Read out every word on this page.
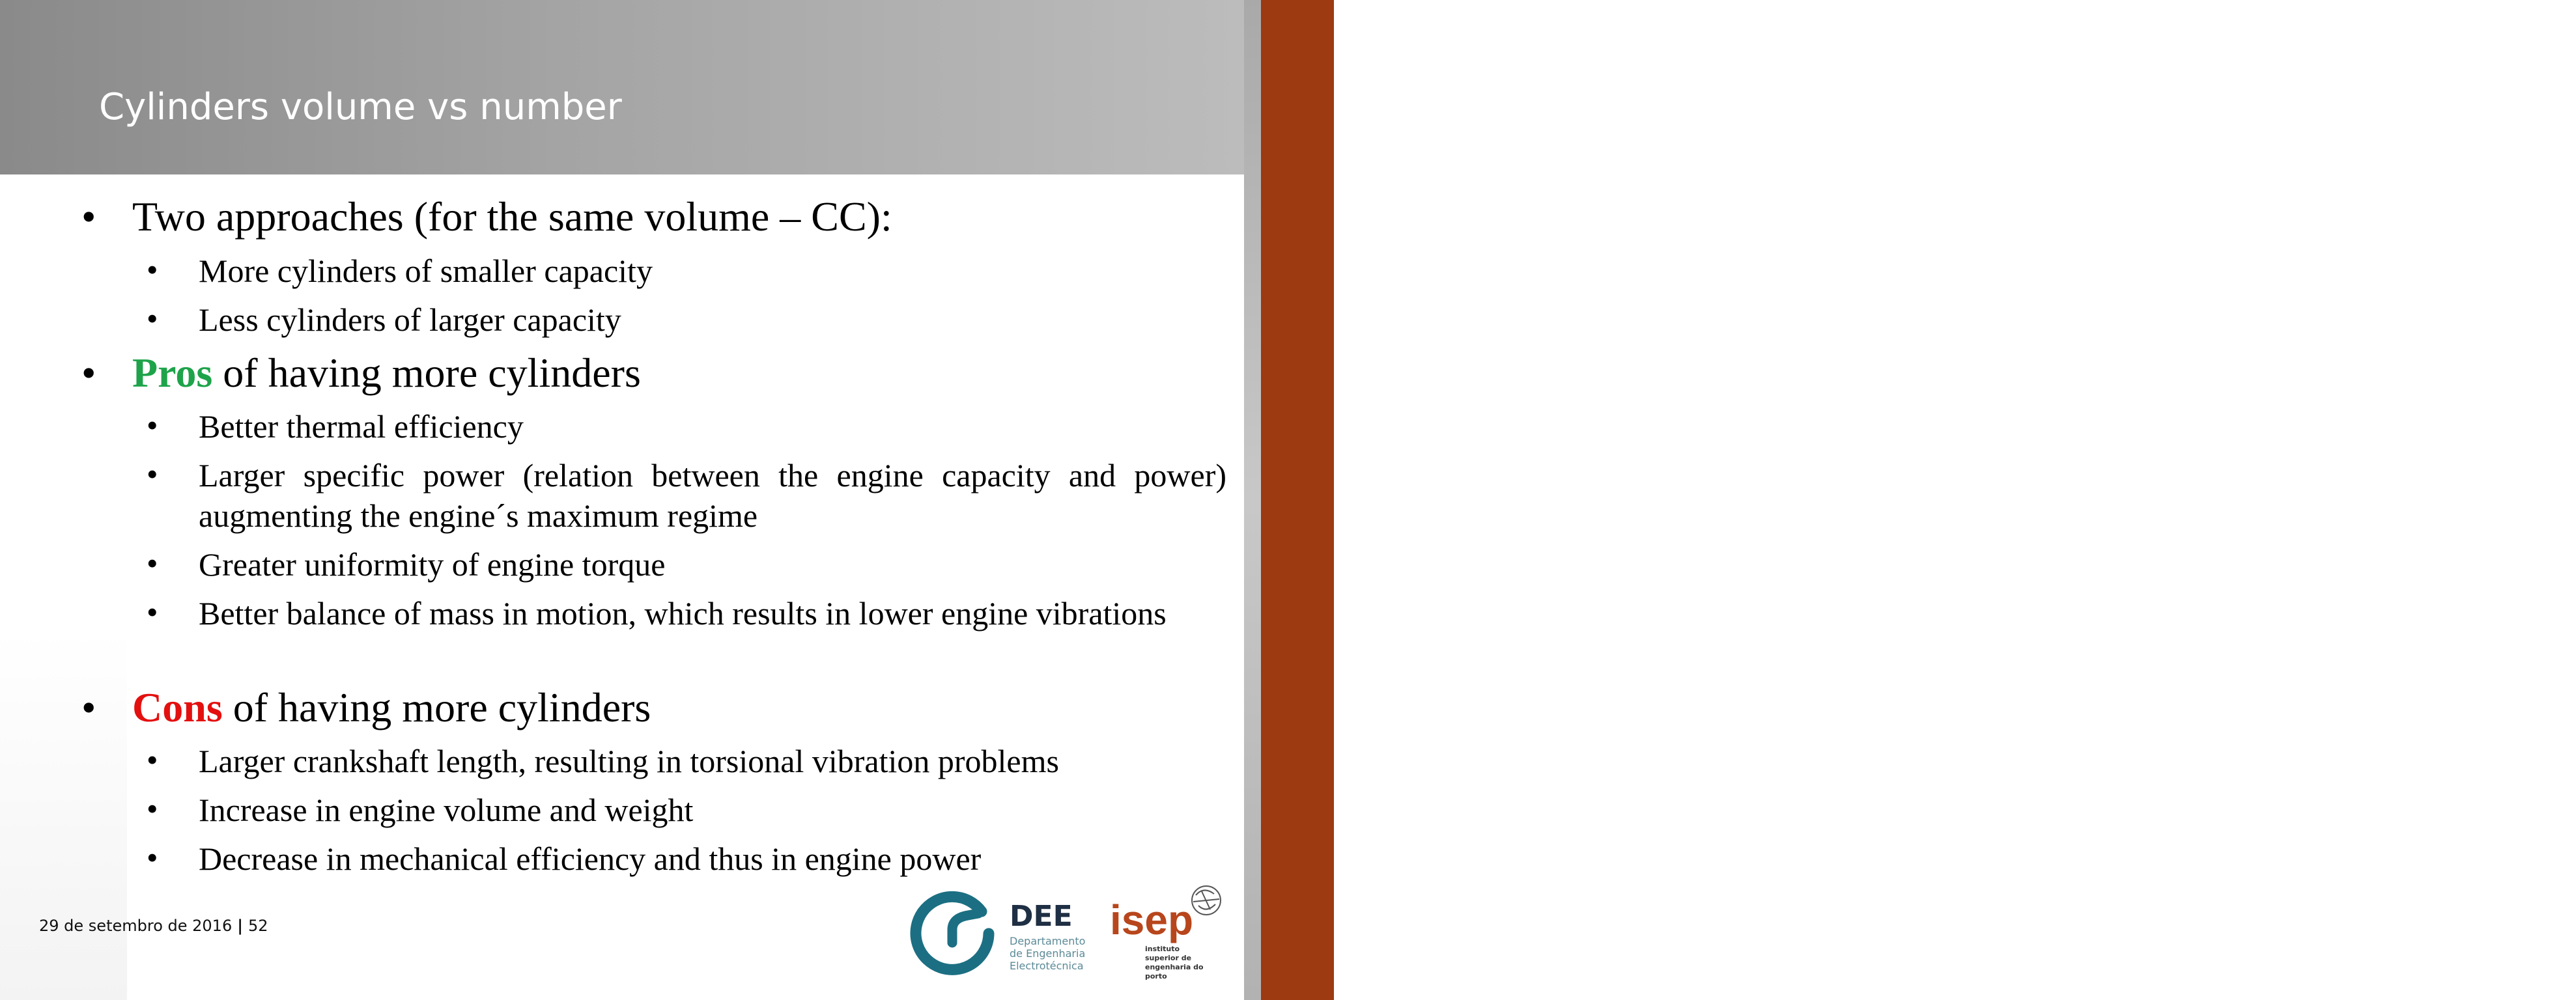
Cylinders volume vs number	Sistemas Automóveis
• Two approaches (for the same volume – CC):
• More cylinders of smaller capacity
• Less cylinders of larger capacity
• Pros of having more cylinders
• Better thermal efficiency
• Larger specific power (relation between the engine capacity and power) augmenting the engine´s maximum regime
• Greater uniformity of engine torque
• Better balance of mass in motion, which results in lower engine vibrations
• Cons of having more cylinders
• Larger crankshaft length, resulting in torsional vibration problems
• Increase in engine volume and weight
• Decrease in mechanical efficiency and thus in engine power
29 de setembro de 2016 | 52	DEE
Departamento
de Engenharia
Electrotécnica
isep
instituto
superior de
engenharia do
porto
